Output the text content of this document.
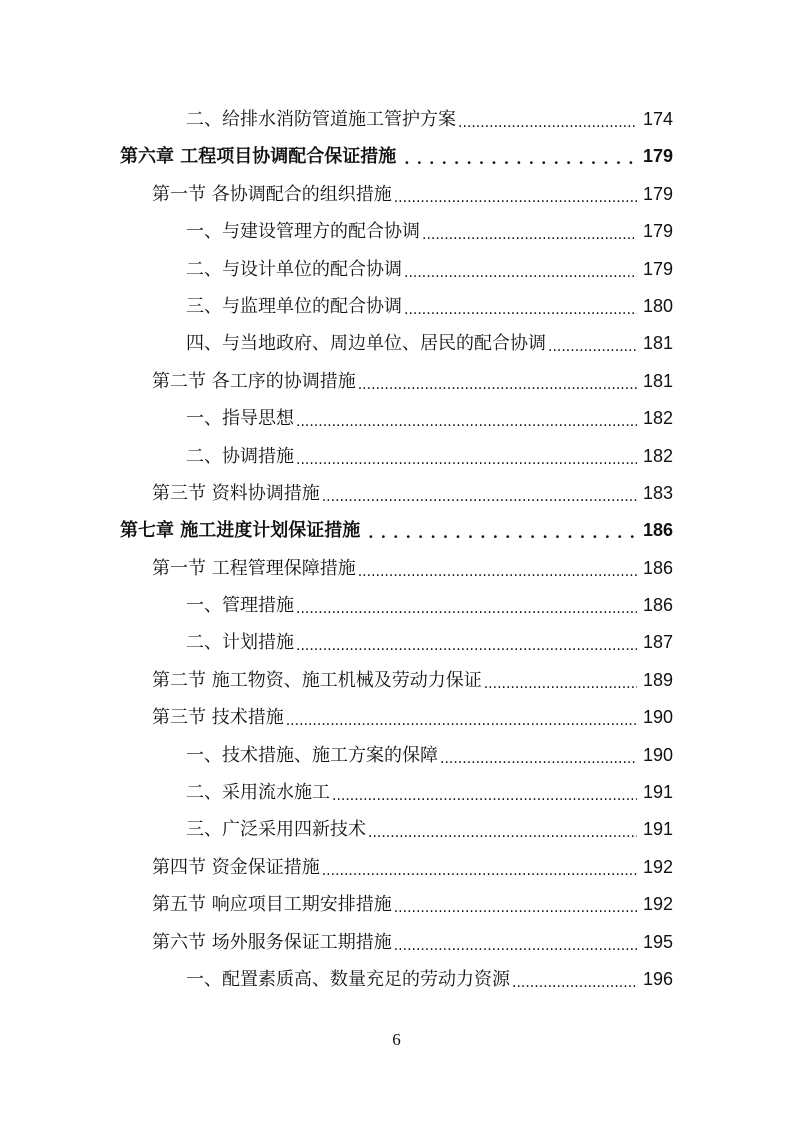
二、给排水消防管道施工管护方案 .....	174
第六章 工程项目协调配合保证措施 . . .	179
第一节 各协调配合的组织措施 .....	179
一、与建设管理方的配合协调 .....	179
二、与设计单位的配合协调 .....	179
三、与监理单位的配合协调 .....	180
四、与当地政府、周边单位、居民的配合协调 .....	181
第二节 各工序的协调措施 .....	181
一、指导思想 .....	182
二、协调措施 .....	182
第三节 资料协调措施 .....	183
第七章 施工进度计划保证措施 . . .	186
第一节 工程管理保障措施 .....	186
一、管理措施 .....	186
二、计划措施 .....	187
第二节 施工物资、施工机械及劳动力保证 .....	189
第三节 技术措施 .....	190
一、技术措施、施工方案的保障 .....	190
二、采用流水施工 .....	191
三、广泛采用四新技术 .....	191
第四节 资金保证措施 .....	192
第五节 响应项目工期安排措施 .....	192
第六节 场外服务保证工期措施 .....	195
一、配置素质高、数量充足的劳动力资源 .....	196
6
